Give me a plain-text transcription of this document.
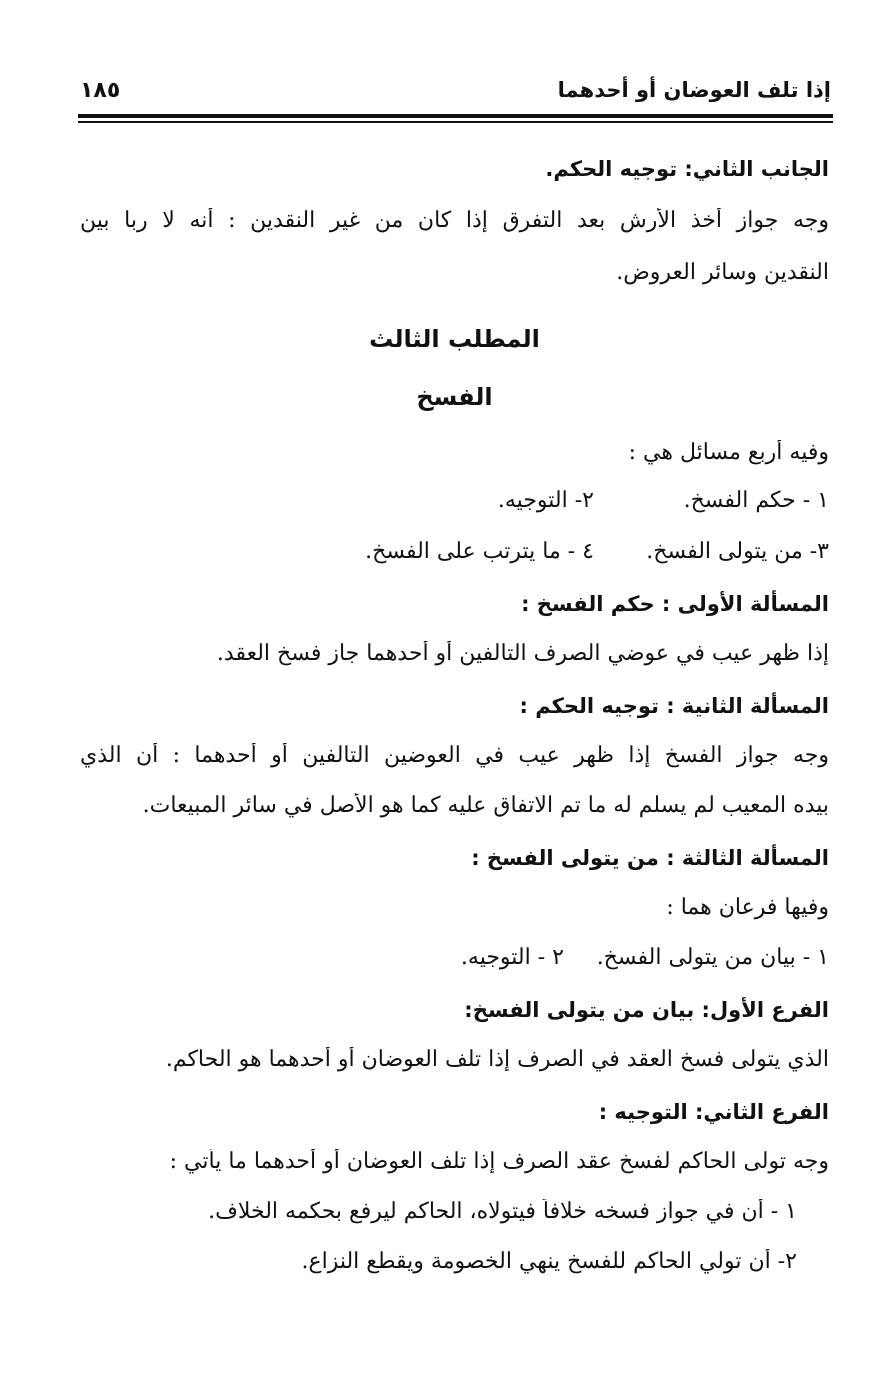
إذا تلف العوضان أو أحدهما
١٨٥

الجانب الثاني: توجيه الحكم.

وجه جواز أخذ الأرش بعد التفرق إذا كان من غير النقدين : أنه لا ربا بين

النقدين وسائر العروض.

المطلب الثالث

الفسخ

وفيه أربع مسائل هي :

١ - حكم الفسخ.
٢- التوجيه.
٣- من يتولى الفسخ.
٤ - ما يترتب على الفسخ.

المسألة الأولى : حكم الفسخ :

إذا ظهر عيب في عوضي الصرف التالفين أو أحدهما جاز فسخ العقد.

المسألة الثانية : توجيه الحكم :

وجه جواز الفسخ إذا ظهر عيب في العوضين التالفين أو أحدهما : أن الذي

بيده المعيب لم يسلم له ما تم الاتفاق عليه كما هو الأصل في سائر المبيعات.

المسألة الثالثة : من يتولى الفسخ :

وفيها فرعان هما :

١ - بيان من يتولى الفسخ.
٢ - التوجيه.

الفرع الأول: بيان من يتولى الفسخ:

الذي يتولى فسخ العقد في الصرف إذا تلف العوضان أو أحدهما هو الحاكم.

الفرع الثاني: التوجيه :

وجه تولى الحاكم لفسخ عقد الصرف إذا تلف العوضان أو أحدهما ما يأتي :

١ - أن في جواز فسخه خلافاً فيتولاه، الحاكم ليرفع بحكمه الخلاف.

٢- أن تولي الحاكم للفسخ ينهي الخصومة ويقطع النزاع.
